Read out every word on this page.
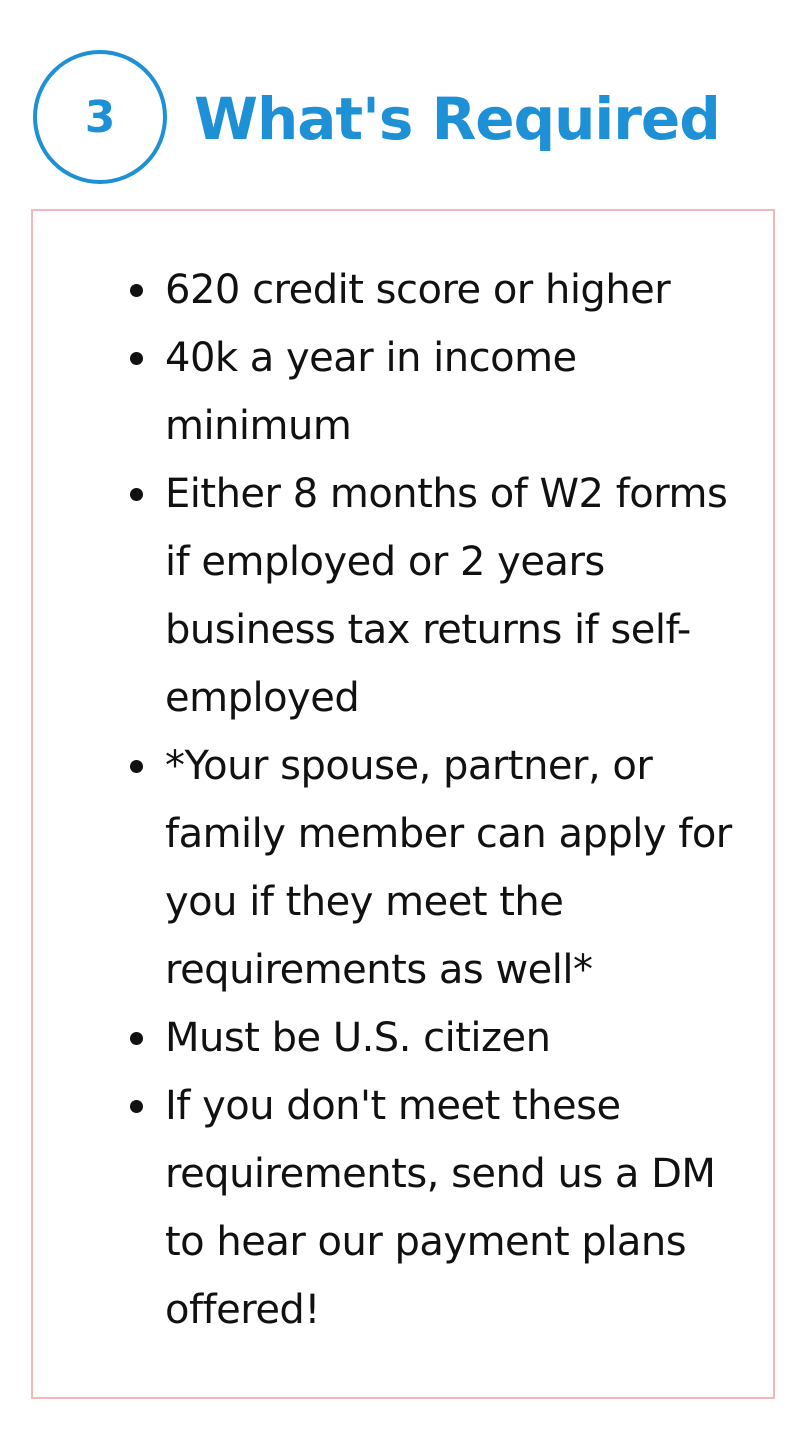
3 What's Required
620 credit score or higher
40k a year in income minimum
Either 8 months of W2 forms if employed or 2 years business tax returns if self-employed
*Your spouse, partner, or family member can apply for you if they meet the requirements as well*
Must be U.S. citizen
If you don't meet these requirements, send us a DM to hear our payment plans offered!
